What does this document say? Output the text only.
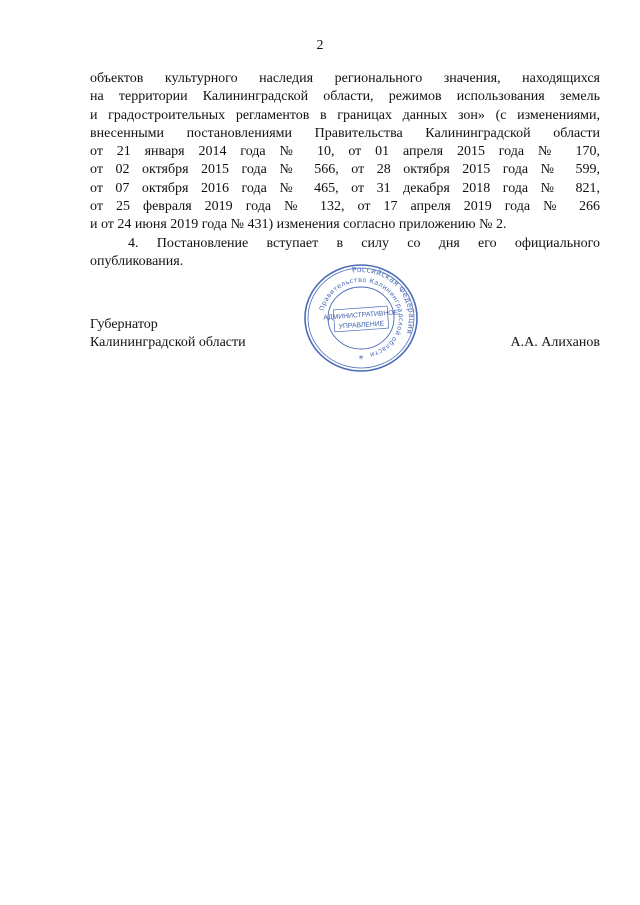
2
объектов культурного наследия регионального значения, находящихся
на территории Калининградской области, режимов использования земель
и градостроительных регламентов в границах данных зон» (с изменениями,
внесенными постановлениями Правительства Калининградской области
от 21 января 2014 года № 10, от 01 апреля 2015 года № 170,
от 02 октября 2015 года № 566, от 28 октября 2015 года № 599,
от 07 октября 2016 года № 465, от 31 декабря 2018 года № 821,
от 25 февраля 2019 года № 132, от 17 апреля 2019 года № 266
и от 24 июня 2019 года № 431) изменения согласно приложению № 2.
4. Постановление вступает в силу со дня его официального
опубликования.
Российская Федерация
Правительство Калининградской области
АДМИНИСТРАТИВНОЕ
УПРАВЛЕНИЕ
*
Губернатор
Калининградской области	А.А. Алиханов
